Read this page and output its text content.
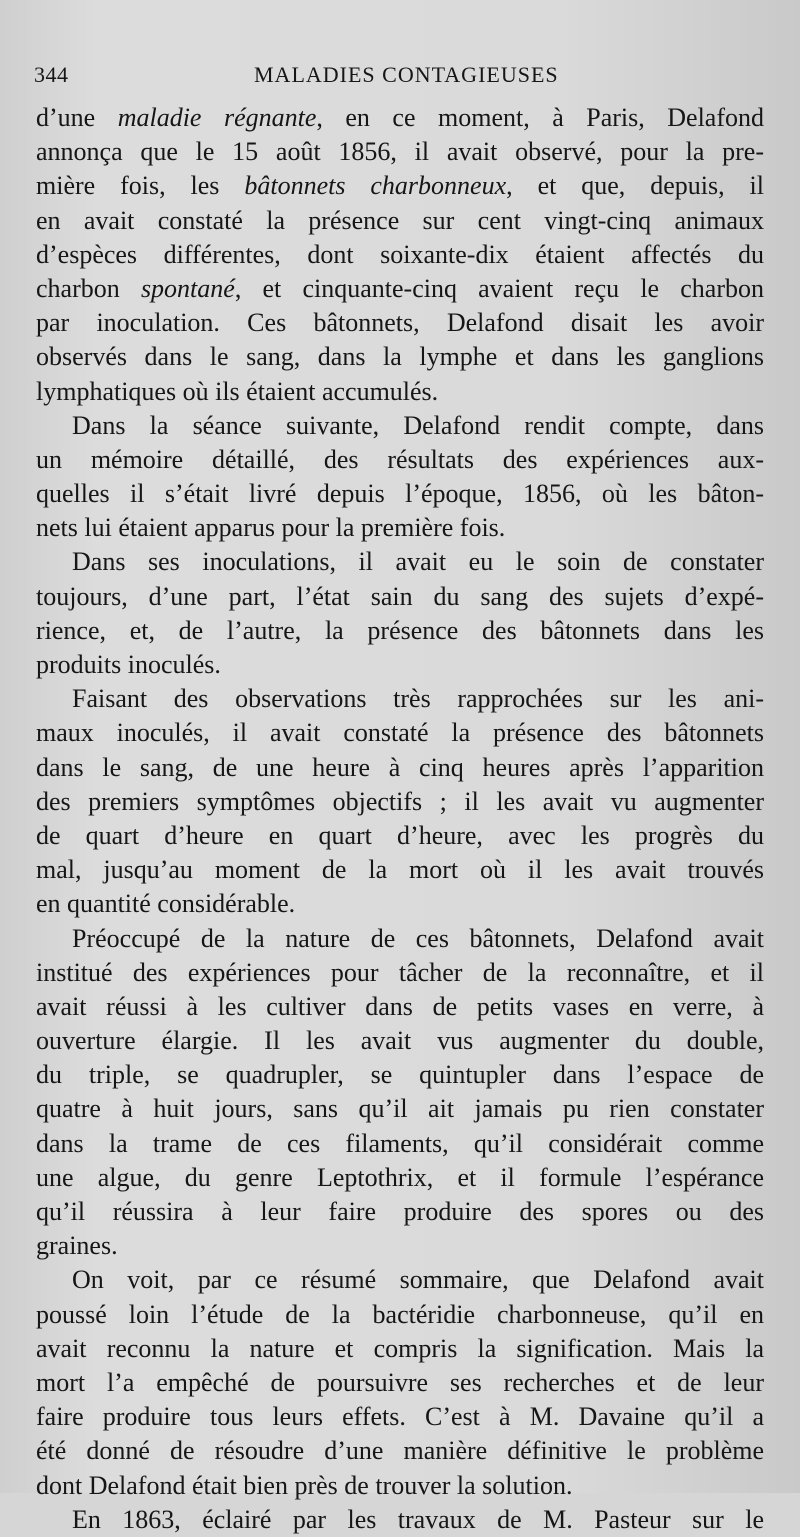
344	MALADIES CONTAGIEUSES
d’une maladie régnante, en ce moment, à Paris, Delafond
annonça que le 15 août 1856, il avait observé, pour la pre-
mière fois, les bâtonnets charbonneux, et que, depuis, il
en avait constaté la présence sur cent vingt-cinq animaux
d’espèces différentes, dont soixante-dix étaient affectés du
charbon spontané, et cinquante-cinq avaient reçu le charbon
par inoculation. Ces bâtonnets, Delafond disait les avoir
observés dans le sang, dans la lymphe et dans les ganglions
lymphatiques où ils étaient accumulés.
Dans la séance suivante, Delafond rendit compte, dans
un mémoire détaillé, des résultats des expériences aux-
quelles il s’était livré depuis l’époque, 1856, où les bâton-
nets lui étaient apparus pour la première fois.
Dans ses inoculations, il avait eu le soin de constater
toujours, d’une part, l’état sain du sang des sujets d’expé-
rience, et, de l’autre, la présence des bâtonnets dans les
produits inoculés.
Faisant des observations très rapprochées sur les ani-
maux inoculés, il avait constaté la présence des bâtonnets
dans le sang, de une heure à cinq heures après l’apparition
des premiers symptômes objectifs ; il les avait vu augmenter
de quart d’heure en quart d’heure, avec les progrès du
mal, jusqu’au moment de la mort où il les avait trouvés
en quantité considérable.
Préoccupé de la nature de ces bâtonnets, Delafond avait
institué des expériences pour tâcher de la reconnaître, et il
avait réussi à les cultiver dans de petits vases en verre, à
ouverture élargie. Il les avait vus augmenter du double,
du triple, se quadrupler, se quintupler dans l’espace de
quatre à huit jours, sans qu’il ait jamais pu rien constater
dans la trame de ces filaments, qu’il considérait comme
une algue, du genre Leptothrix, et il formule l’espérance
qu’il réussira à leur faire produire des spores ou des
graines.
On voit, par ce résumé sommaire, que Delafond avait
poussé loin l’étude de la bactéridie charbonneuse, qu’il en
avait reconnu la nature et compris la signification. Mais la
mort l’a empêché de poursuivre ses recherches et de leur
faire produire tous leurs effets. C’est à M. Davaine qu’il a
été donné de résoudre d’une manière définitive le problème
dont Delafond était bien près de trouver la solution.
En 1863, éclairé par les travaux de M. Pasteur sur le
